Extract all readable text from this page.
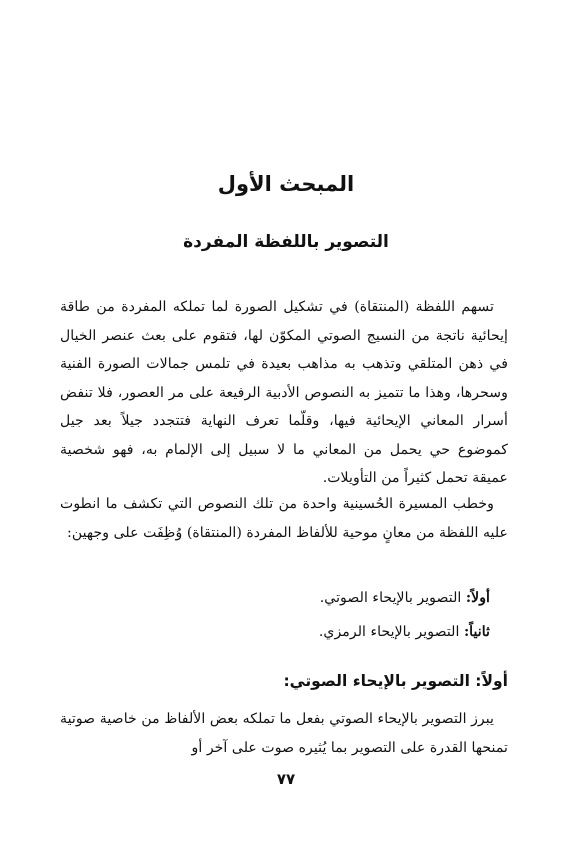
المبحث الأول
التصوير باللفظة المفردة

تسهم اللفظة (المنتقاة) في تشكيل الصورة لما تملكه المفردة من طاقة إيحائية ناتجة من النسيج الصوتي المكوّن لها، فتقوم على بعث عنصر الخيال في ذهن المتلقي وتذهب به مذاهب بعيدة في تلمس جمالات الصورة الفنية وسحرها، وهذا ما تتميز به النصوص الأدبية الرفيعة على مر العصور، فلا تنفض أسرار المعاني الإيحائية فيها، وقلّما تعرف النهاية فتتجدد جيلاً بعد جيل كموضوع حي يحمل من المعاني ما لا سبيل إلى الإلمام به، فهو شخصية عميقة تحمل كثيراً من التأويلات.

وخطب المسيرة الحُسينية واحدة من تلك النصوص التي تكشف ما انطوت عليه اللفظة من معانٍ موحية للألفاظ المفردة (المنتقاة) وُظِفَت على وجهين:

أولاً: التصوير بالإيحاء الصوتي.
ثانياً: التصوير بالإيحاء الرمزي.
أولاً: التصوير بالإيحاء الصوتي:

يبرز التصوير بالإيحاء الصوتي بفعل ما تملكه بعض الألفاظ من خاصية صوتية تمنحها القدرة على التصوير بما يُثيره صوت على آخر أو

٧٧
